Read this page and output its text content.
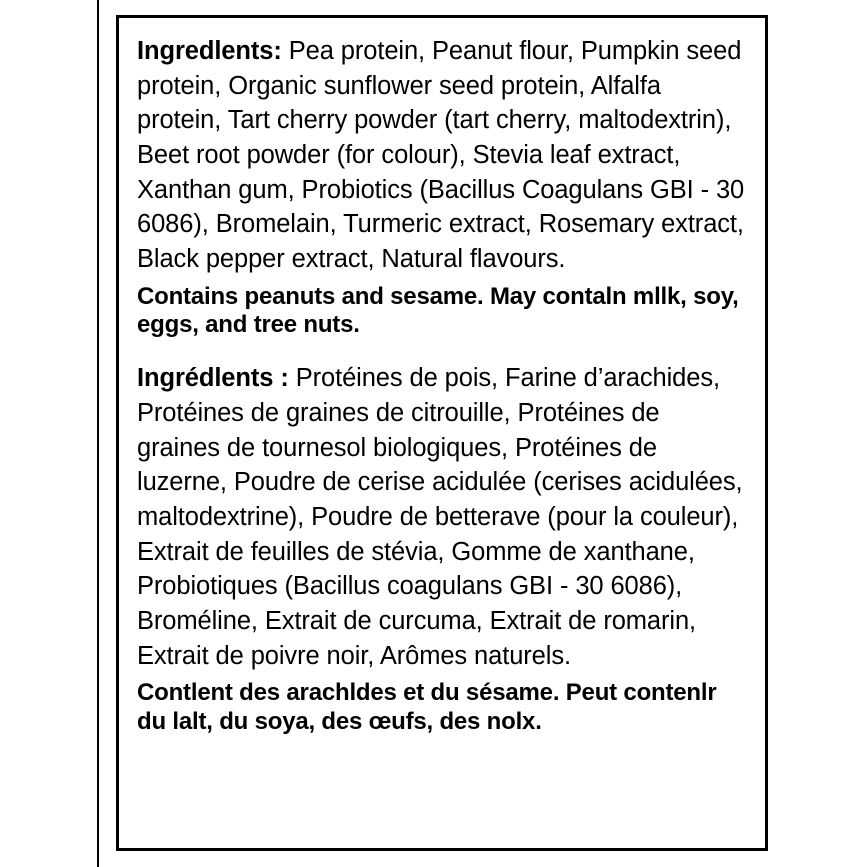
Ingredlents: Pea protein, Peanut flour, Pumpkin seed protein, Organic sunflower seed protein, Alfalfa protein, Tart cherry powder (tart cherry, maltodextrin), Beet root powder (for colour), Stevia leaf extract, Xanthan gum, Probiotics (Bacillus Coagulans GBI - 30 6086), Bromelain, Turmeric extract, Rosemary extract, Black pepper extract, Natural flavours.

Contains peanuts and sesame. May contaln mllk, soy, eggs, and tree nuts.

Ingrédlents : Protéines de pois, Farine d’arachides, Protéines de graines de citrouille, Protéines de graines de tournesol biologiques, Protéines de luzerne, Poudre de cerise acidulée (cerises acidulées, maltodextrine), Poudre de betterave (pour la couleur), Extrait de feuilles de stévia, Gomme de xanthane, Probiotiques (Bacillus coagulans GBI - 30 6086), Broméline, Extrait de curcuma, Extrait de romarin, Extrait de poivre noir, Arômes naturels.

Contlent des arachldes et du sésame. Peut contenlr du lalt, du soya, des œufs, des nolx.
